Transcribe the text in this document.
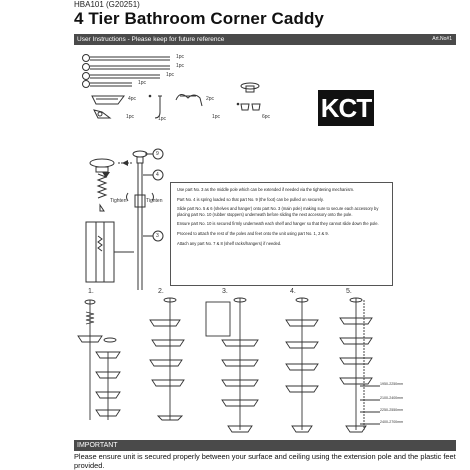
HBA101 (G20251)
4 Tier Bathroom Corner Caddy
User Instructions - Please keep for future reference	Art.No#1
1pc
1pc
1pc
1pc
4pc
1pc	1pc
2pc
1pc	6pc KCT
9
4
3
Tighten	Tighten

Use part No. 3 as the middle pole which can be extended if needed via the tightening mechanism.

Part No. 4 is spring loaded so that part No. 9 (the foot) can be pulled on securely.

Slide part No. 5 & 6 (shelves and hanger) onto part No. 3 (main pole) making sure to secure each accessory by placing part No. 10 (rubber stoppers) underneath before sliding the next accessory onto the pole.

Ensure part No. 10 is secured firmly underneath each shelf and hanger so that they cannot slide down the pole.

Proceed to attach the rest of the poles and feet onto the unit using part No. 1, 2 & 9.

Attach any part No. 7 & 8 (shelf racks/hangers) if needed.

1.	2.	3.	4.	5.
1950-2250mm
2100-2400mm
2250-2550mm
2400-2700mm
IMPORTANT
Please ensure unit is secured properly between your surface and ceiling using the extension pole and the plastic feet provided.
